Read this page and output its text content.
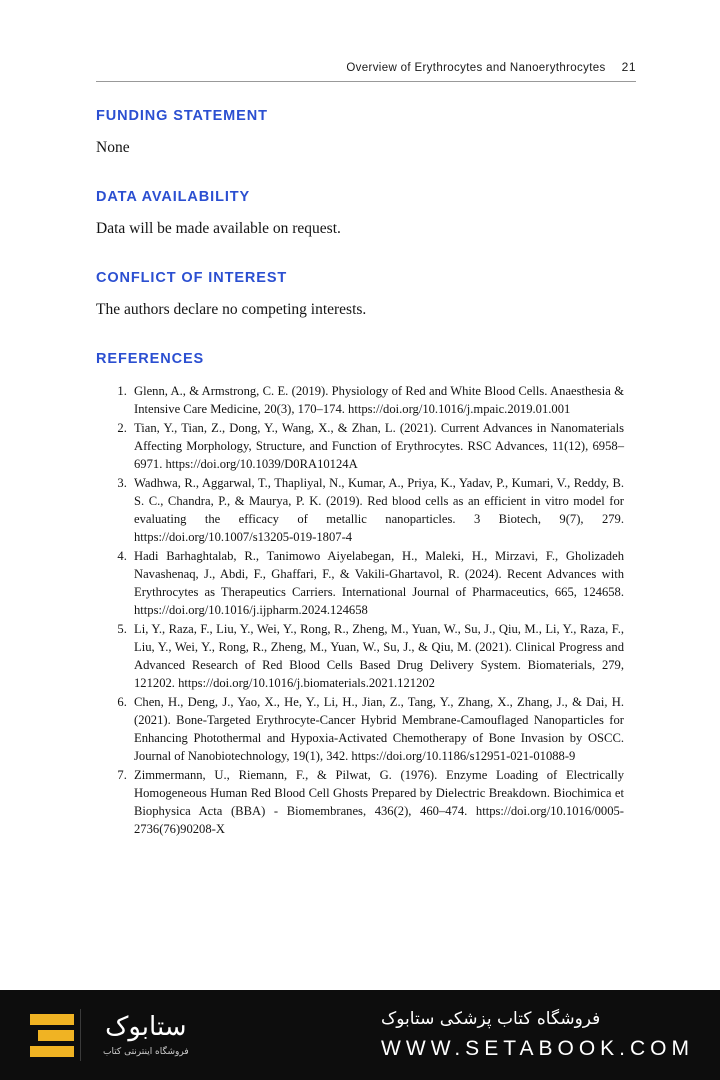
Overview of Erythrocytes and Nanoerythrocytes 21
FUNDING STATEMENT

None

DATA AVAILABILITY

Data will be made available on request.

CONFLICT OF INTEREST

The authors declare no competing interests.

REFERENCES
1. Glenn, A., & Armstrong, C. E. (2019). Physiology of Red and White Blood Cells. Anaesthesia & Intensive Care Medicine, 20(3), 170–174. https://doi.org/10.1016/j.mpaic.2019.01.001
2. Tian, Y., Tian, Z., Dong, Y., Wang, X., & Zhan, L. (2021). Current Advances in Nanomaterials Affecting Morphology, Structure, and Function of Erythrocytes. RSC Advances, 11(12), 6958–6971. https://doi.org/10.1039/D0RA10124A
3. Wadhwa, R., Aggarwal, T., Thapliyal, N., Kumar, A., Priya, K., Yadav, P., Kumari, V., Reddy, B. S. C., Chandra, P., & Maurya, P. K. (2019). Red blood cells as an efficient in vitro model for evaluating the efficacy of metallic nanoparticles. 3 Biotech, 9(7), 279. https://doi.org/10.1007/s13205-019-1807-4
4. Hadi Barhaghtalab, R., Tanimowo Aiyelabegan, H., Maleki, H., Mirzavi, F., Gholizadeh Navashenaq, J., Abdi, F., Ghaffari, F., & Vakili-Ghartavol, R. (2024). Recent Advances with Erythrocytes as Therapeutics Carriers. International Journal of Pharmaceutics, 665, 124658. https://doi.org/10.1016/j.ijpharm.2024.124658
5. Li, Y., Raza, F., Liu, Y., Wei, Y., Rong, R., Zheng, M., Yuan, W., Su, J., Qiu, M., Li, Y., Raza, F., Liu, Y., Wei, Y., Rong, R., Zheng, M., Yuan, W., Su, J., & Qiu, M. (2021). Clinical Progress and Advanced Research of Red Blood Cells Based Drug Delivery System. Biomaterials, 279, 121202. https://doi.org/10.1016/j.biomaterials.2021.121202
6. Chen, H., Deng, J., Yao, X., He, Y., Li, H., Jian, Z., Tang, Y., Zhang, X., Zhang, J., & Dai, H. (2021). Bone-Targeted Erythrocyte-Cancer Hybrid Membrane-Camouflaged Nanoparticles for Enhancing Photothermal and Hypoxia-Activated Chemotherapy of Bone Invasion by OSCC. Journal of Nanobiotechnology, 19(1), 342. https://doi.org/10.1186/s12951-021-01088-9
7. Zimmermann, U., Riemann, F., & Pilwat, G. (1976). Enzyme Loading of Electrically Homogeneous Human Red Blood Cell Ghosts Prepared by Dielectric Breakdown. Biochimica et Biophysica Acta (BBA) - Biomembranes, 436(2), 460–474. https://doi.org/10.1016/0005-2736(76)90208-X
فروشگاه کتاب پزشکی ستابوک
WWW.SETABOOK.COM
ستابوک
فروشگاه اینترنتی کتاب
